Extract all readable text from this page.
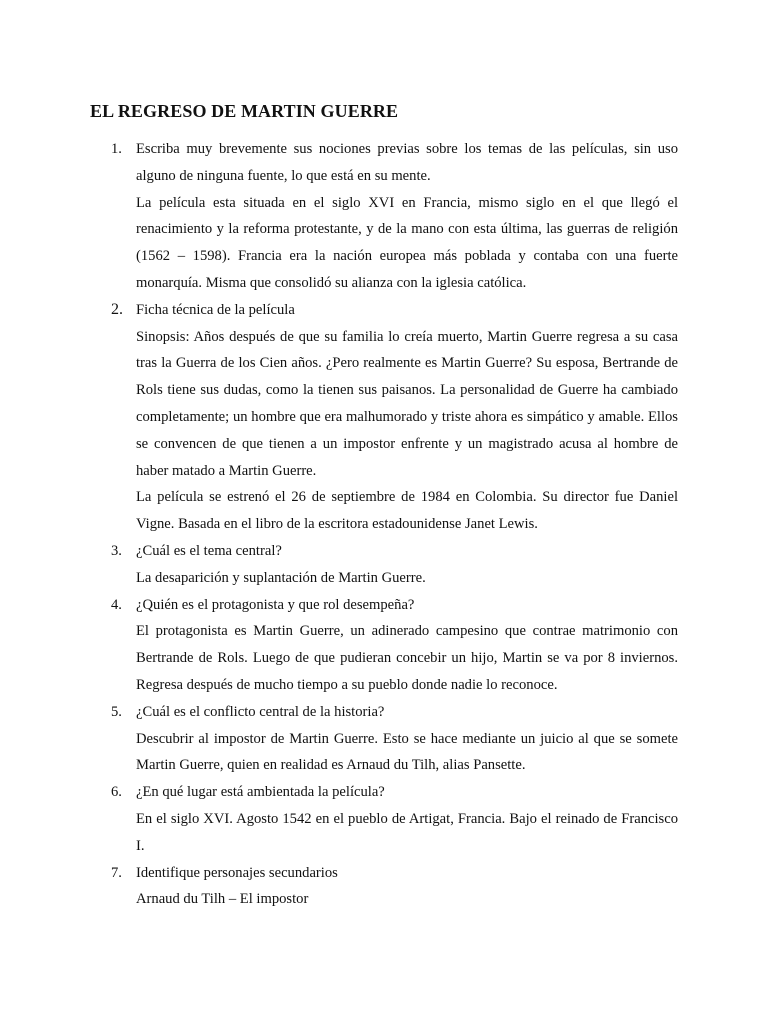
EL REGRESO DE MARTIN GUERRE
1. Escriba muy brevemente sus nociones previas sobre los temas de las películas, sin uso alguno de ninguna fuente, lo que está en su mente.
La película esta situada en el siglo XVI en Francia, mismo siglo en el que llegó el renacimiento y la reforma protestante, y de la mano con esta última, las guerras de religión (1562 – 1598). Francia era la nación europea más poblada y contaba con una fuerte monarquía. Misma que consolidó su alianza con la iglesia católica.
2. Ficha técnica de la película
Sinopsis: Años después de que su familia lo creía muerto, Martin Guerre regresa a su casa tras la Guerra de los Cien años. ¿Pero realmente es Martin Guerre? Su esposa, Bertrande de Rols tiene sus dudas, como la tienen sus paisanos. La personalidad de Guerre ha cambiado completamente; un hombre que era malhumorado y triste ahora es simpático y amable. Ellos se convencen de que tienen a un impostor enfrente y un magistrado acusa al hombre de haber matado a Martin Guerre.
La película se estrenó el 26 de septiembre de 1984 en Colombia. Su director fue Daniel Vigne. Basada en el libro de la escritora estadounidense Janet Lewis.
3. ¿Cuál es el tema central?
La desaparición y suplantación de Martin Guerre.
4. ¿Quién es el protagonista y que rol desempeña?
El protagonista es Martin Guerre, un adinerado campesino que contrae matrimonio con Bertrande de Rols. Luego de que pudieran concebir un hijo, Martin se va por 8 inviernos. Regresa después de mucho tiempo a su pueblo donde nadie lo reconoce.
5. ¿Cuál es el conflicto central de la historia?
Descubrir al impostor de Martin Guerre. Esto se hace mediante un juicio al que se somete Martin Guerre, quien en realidad es Arnaud du Tilh, alias Pansette.
6. ¿En qué lugar está ambientada la película?
En el siglo XVI. Agosto 1542 en el pueblo de Artigat, Francia. Bajo el reinado de Francisco I.
7. Identifique personajes secundarios
Arnaud du Tilh – El impostor
